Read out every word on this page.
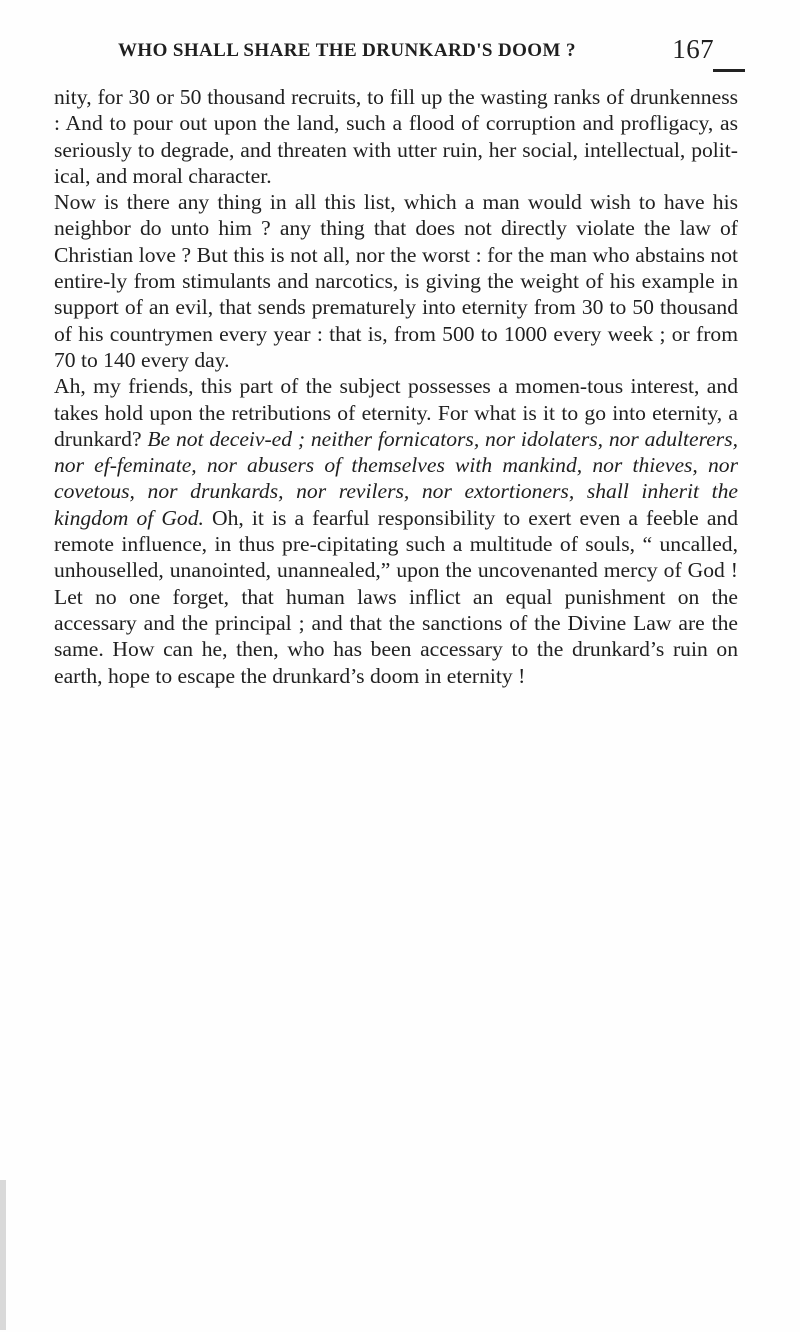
WHO SHALL SHARE THE DRUNKARD'S DOOM ?	167

nity, for 30 or 50 thousand recruits, to fill up the wasting ranks of drunkenness : And to pour out upon the land, such a flood of corruption and profligacy, as seriously to degrade, and threaten with utter ruin, her social, intellectual, polit-ical, and moral character.

Now is there any thing in all this list, which a man would wish to have his neighbor do unto him ? any thing that does not directly violate the law of Christian love ? But this is not all, nor the worst : for the man who abstains not entire-ly from stimulants and narcotics, is giving the weight of his example in support of an evil, that sends prematurely into eternity from 30 to 50 thousand of his countrymen every year : that is, from 500 to 1000 every week ; or from 70 to 140 every day.

Ah, my friends, this part of the subject possesses a momen-tous interest, and takes hold upon the retributions of eternity. For what is it to go into eternity, a drunkard? Be not deceiv-ed ; neither fornicators, nor idolaters, nor adulterers, nor ef-feminate, nor abusers of themselves with mankind, nor thieves, nor covetous, nor drunkards, nor revilers, nor extortioners, shall inherit the kingdom of God. Oh, it is a fearful responsibility to exert even a feeble and remote influence, in thus pre-cipitating such a multitude of souls, “ uncalled, unhouselled, unanointed, unannealed,” upon the uncovenanted mercy of God ! Let no one forget, that human laws inflict an equal punishment on the accessary and the principal ; and that the sanctions of the Divine Law are the same. How can he, then, who has been accessary to the drunkard’s ruin on earth, hope to escape the drunkard’s doom in eternity !
